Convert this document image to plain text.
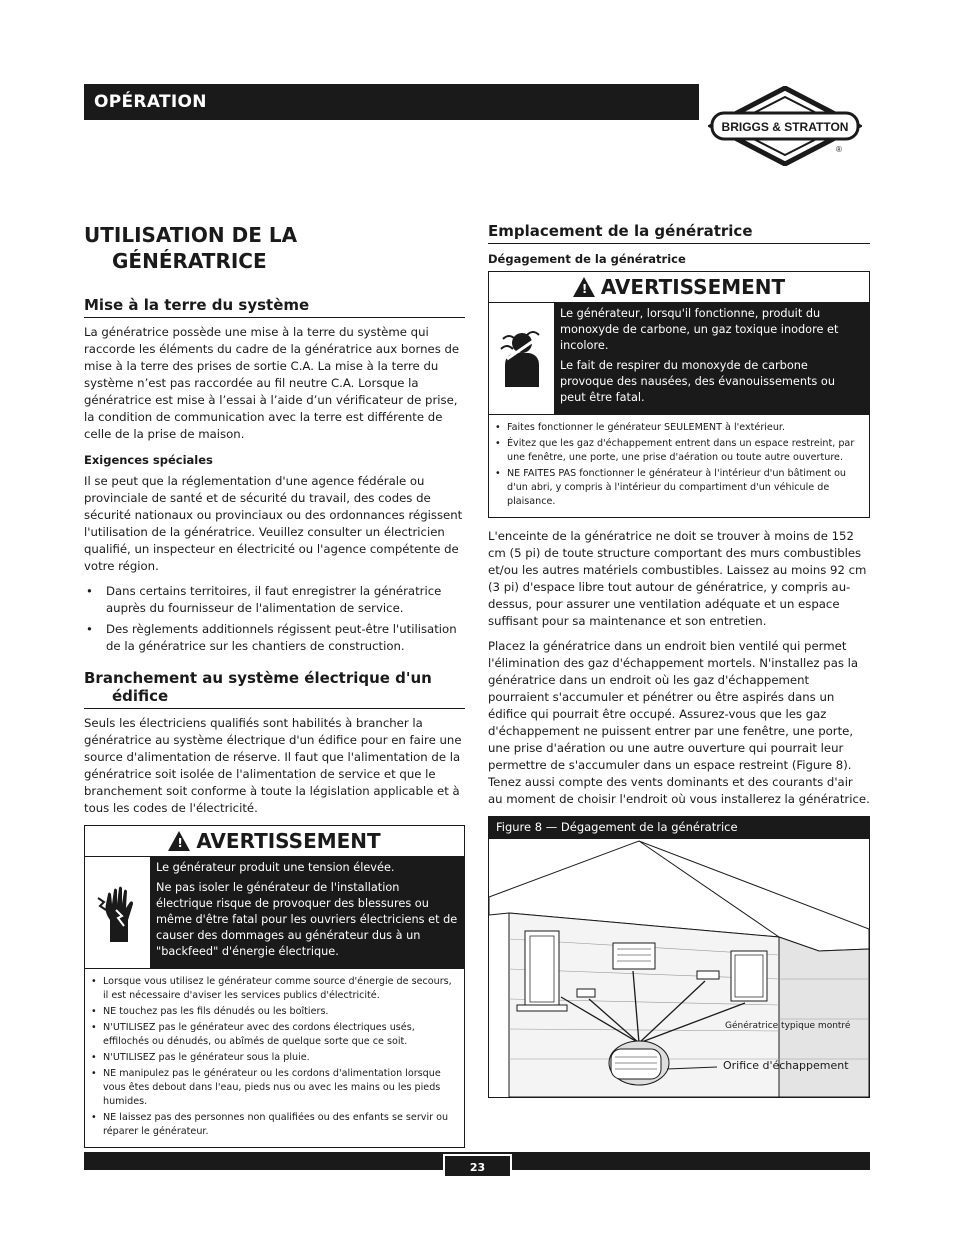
OPÉRATION
BRIGGS & STRATTON
®
UTILISATION DE LA
GÉNÉRATRICE
Mise à la terre du système

La génératrice possède une mise à la terre du système qui raccorde les éléments du cadre de la génératrice aux bornes de mise à la terre des prises de sortie C.A. La mise à la terre du système n’est pas raccordée au fil neutre C.A. Lorsque la génératrice est mise à l’essai à l’aide d’un vérificateur de prise, la condition de communication avec la terre est différente de celle de la prise de maison.

Exigences spéciales

Il se peut que la réglementation d'une agence fédérale ou provinciale de santé et de sécurité du travail, des codes de sécurité nationaux ou provinciaux ou des ordonnances régissent l'utilisation de la génératrice. Veuillez consulter un électricien qualifié, un inspecteur en électricité ou l'agence compétente de votre région.

• Dans certains territoires, il faut enregistrer la génératrice auprès du fournisseur de l'alimentation de service.
• Des règlements additionnels régissent peut-être l'utilisation de la génératrice sur les chantiers de construction.
Branchement au système électrique d'un
édifice

Seuls les électriciens qualifiés sont habilités à brancher la génératrice au système électrique d'un édifice pour en faire une source d'alimentation de réserve. Il faut que l'alimentation de la génératrice soit isolée de l'alimentation de service et que le branchement soit conforme à toute la législation applicable et à tous les codes de l'électricité.

! AVERTISSEMENT

Le générateur produit une tension élevée.

Ne pas isoler le générateur de l'installation électrique risque de provoquer des blessures ou même d'être fatal pour les ouvriers électriciens et de causer des dommages au générateur dus à un "backfeed" d'énergie électrique.

• Lorsque vous utilisez le générateur comme source d'énergie de secours, il est nécessaire d'aviser les services publics d'électricité.
• NE touchez pas les fils dénudés ou les boîtiers.
• N'UTILISEZ pas le générateur avec des cordons électriques usés, effilochés ou dénudés, ou abîmés de quelque sorte que ce soit.
• N'UTILISEZ pas le générateur sous la pluie.
• NE manipulez pas le générateur ou les cordons d'alimentation lorsque vous êtes debout dans l'eau, pieds nus ou avec les mains ou les pieds humides.
• NE laissez pas des personnes non qualifiées ou des enfants se servir ou réparer le générateur.
Emplacement de la génératrice
Dégagement de la génératrice
! AVERTISSEMENT

Le générateur, lorsqu'il fonctionne, produit du monoxyde de carbone, un gaz toxique inodore et incolore.

Le fait de respirer du monoxyde de carbone provoque des nausées, des évanouissements ou peut être fatal.

• Faites fonctionner le générateur SEULEMENT à l'extérieur.
• Évitez que les gaz d'échappement entrent dans un espace restreint, par une fenêtre, une porte, une prise d'aération ou toute autre ouverture.
• NE FAITES PAS fonctionner le générateur à l'intérieur d'un bâtiment ou d'un abri, y compris à l'intérieur du compartiment d'un véhicule de plaisance.

L'enceinte de la génératrice ne doit se trouver à moins de 152 cm (5 pi) de toute structure comportant des murs combustibles et/ou les autres matériels combustibles. Laissez au moins 92 cm (3 pi) d'espace libre tout autour de génératrice, y compris au-dessus, pour assurer une ventilation adéquate et un espace suffisant pour sa maintenance et son entretien.

Placez la génératrice dans un endroit bien ventilé qui permet l'élimination des gaz d'échappement mortels. N'installez pas la génératrice dans un endroit où les gaz d'échappement pourraient s'accumuler et pénétrer ou être aspirés dans un édifice qui pourrait être occupé. Assurez-vous que les gaz d'échappement ne puissent entrer par une fenêtre, une porte, une prise d'aération ou une autre ouverture qui pourrait leur permettre de s'accumuler dans un espace restreint (Figure 8). Tenez aussi compte des vents dominants et des courants d'air au moment de choisir l'endroit où vous installerez la génératrice.

Figure 8 — Dégagement de la génératrice
Génératrice typique montré
Orifice d'échappement
23
